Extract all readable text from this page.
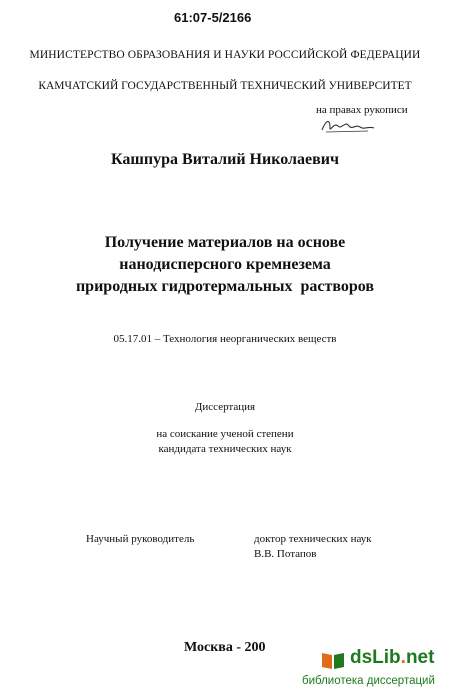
61:07-5/2166
МИНИСТЕРСТВО ОБРАЗОВАНИЯ И НАУКИ РОССИЙСКОЙ ФЕДЕРАЦИИ
КАМЧАТСКИЙ ГОСУДАРСТВЕННЫЙ ТЕХНИЧЕСКИЙ УНИВЕРСИТЕТ
на правах рукописи
Кашпура Виталий Николаевич
Получение материалов на основе
нанодисперсного кремнезема
природных гидротермальных  растворов
05.17.01 – Технология неорганических веществ
Диссертация
на соискание ученой степени
кандидата технических наук
Научный руководитель	доктор технических наук
В.В. Потапов
Москва - 200	dsLib.net
библиотека диссертаций
